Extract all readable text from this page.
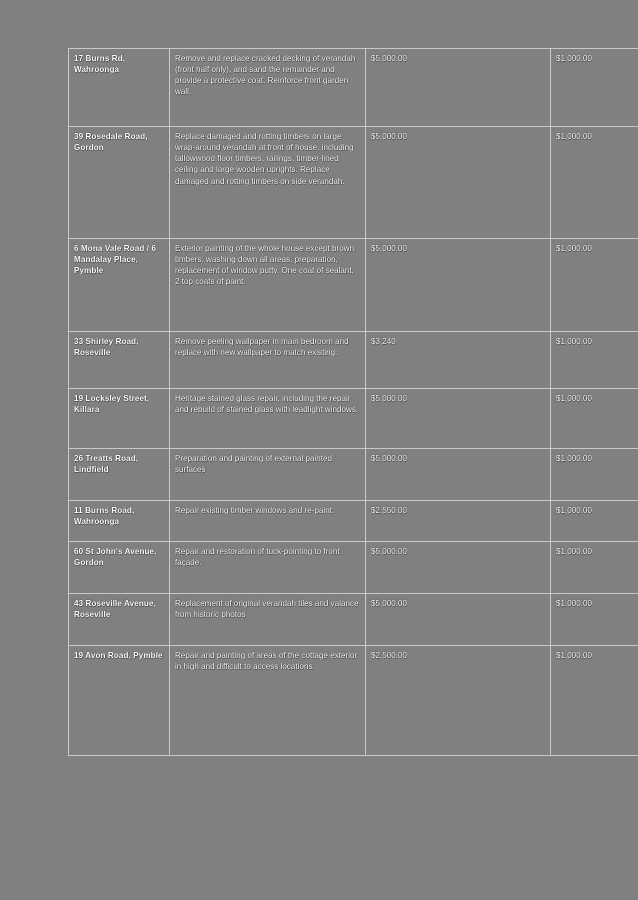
17 Burns Rd, Wahroonga	Remove and replace cracked decking of verandah (front half only), and sand the remainder and provide a protective coat. Reinforce front garden wall.	$5,000.00	$1,000.00

39 Rosedale Road, Gordon	Replace damaged and rotting timbers on large wrap-around verandah at front of house, including tallowwood floor timbers, railings, timber-lined ceiling and large wooden uprights. Replace damaged and rotting timbers on side verandah.	$5,000.00	$1,000.00

6 Mona Vale Road / 6 Mandalay Place, Pymble	Exterior painting of the whole house except brown timbers: washing down all areas, preparation, replacement of window putty. One coat of sealant, 2 top coats of paint.	$5,000.00	$1,000.00

33 Shirley Road, Roseville	Remove peeling wallpaper in main bedroom and replace with new wallpaper to match existing.	$3,240	$1,000.00

19 Locksley Street, Killara	Heritage stained glass repair, including the repair and rebuild of stained glass with leadlight windows.	$5,000.00	$1,000.00

26 Treatts Road, Lindfield	Preparation and painting of external painted surfaces	$5,000.00	$1,000.00

11 Burns Road, Wahroonga	Repair existing timber windows and re-paint.	$2,550.00	$1,000.00

60 St John's Avenue, Gordon	Repair and restoration of tuck-pointing to front façade.	$5,000.00	$1,000.00

43 Roseville Avenue, Roseville	Replacement of original verandah tiles and valance from historic photos	$5,000.00	$1,000.00

19 Avon Road, Pymble	Repair and painting of areas of the cottage exterior in high and difficult to access locations.	$2,500.00	$1,000.00
